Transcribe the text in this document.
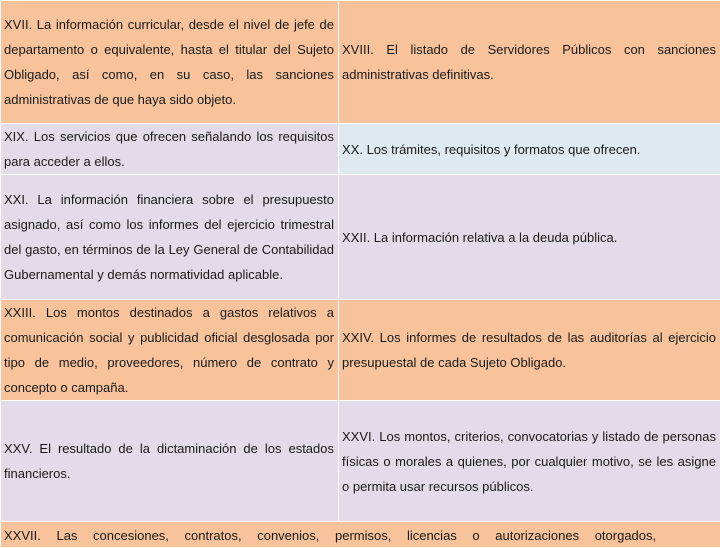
XVII. La información curricular, desde el nivel de jefe de departamento o equivalente, hasta el titular del Sujeto Obligado, así como, en su caso, las sanciones administrativas de que haya sido objeto.	XVIII. El listado de Servidores Públicos con sanciones administrativas definitivas.

XIX. Los servicios que ofrecen señalando los requisitos para acceder a ellos.	XX. Los trámites, requisitos y formatos que ofrecen.

XXI. La información financiera sobre el presupuesto asignado, así como los informes del ejercicio trimestral del gasto, en términos de la Ley General de Contabilidad Gubernamental y demás normatividad aplicable.	XXII. La información relativa a la deuda pública.

XXIII. Los montos destinados a gastos relativos a comunicación social y publicidad oficial desglosada por tipo de medio, proveedores, número de contrato y concepto o campaña.	XXIV. Los informes de resultados de las auditorías al ejercicio presupuestal de cada Sujeto Obligado.

XXV. El resultado de la dictaminación de los estados financieros.	XXVI. Los montos, criterios, convocatorias y listado de personas físicas o morales a quienes, por cualquier motivo, se les asigne o permita usar recursos públicos.

XXVII. Las concesiones, contratos, convenios, permisos, licencias o autorizaciones otorgados,	
